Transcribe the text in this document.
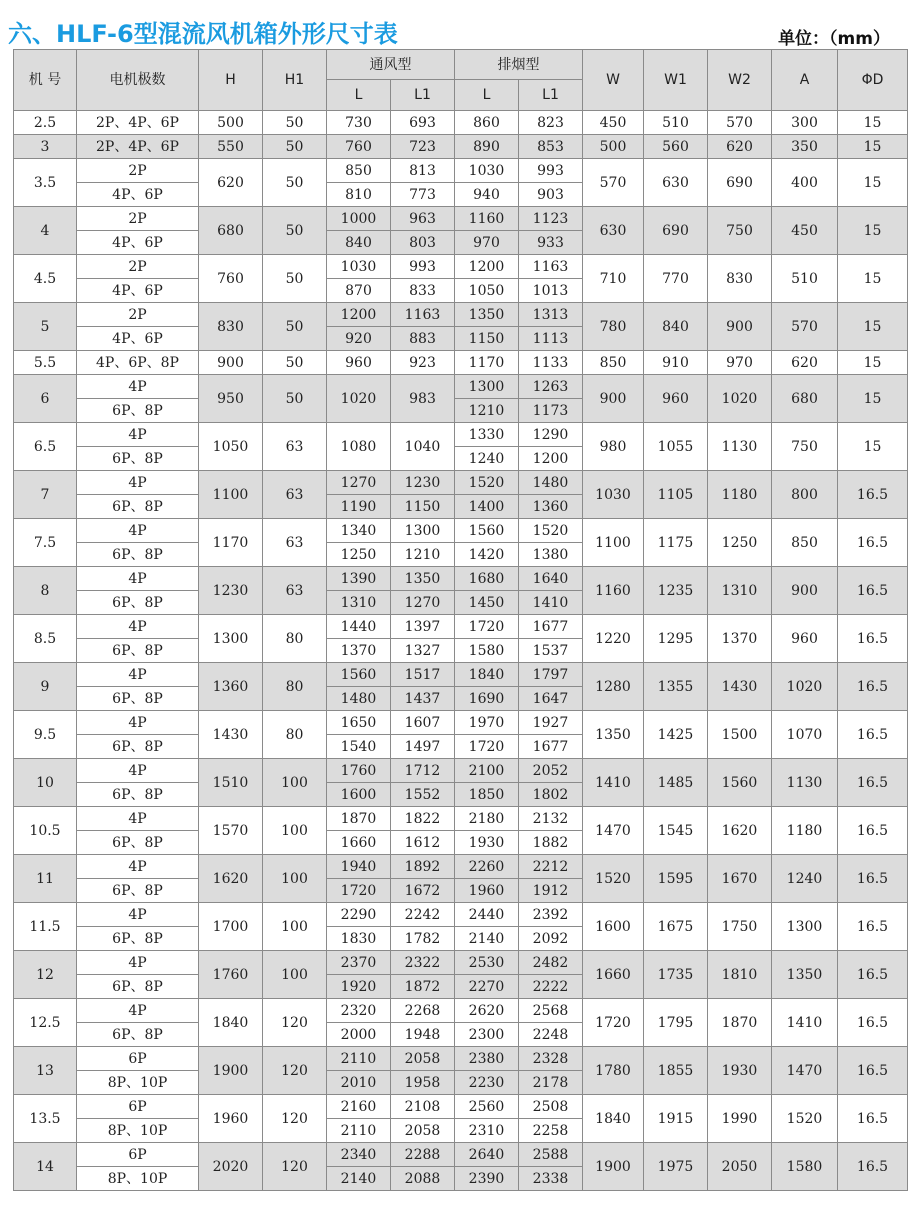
六、HLF-6型混流风机箱外形尺寸表	单位：（mm）
机 号	电机极数	H	H1	通风型		排烟型		W	W1	W2	A	ΦD
				L	L1	L	L1					
2.5	2P、4P、6P	500	50	730	693	860	823	450	510	570	300	15
3	2P、4P、6P	550	50	760	723	890	853	500	560	620	350	15
3.5	2P	620	50	850	813	1030	993	570	630	690	400	15
	4P、6P			810	773	940	903					
4	2P	680	50	1000	963	1160	1123	630	690	750	450	15
	4P、6P			840	803	970	933					
4.5	2P	760	50	1030	993	1200	1163	710	770	830	510	15
	4P、6P			870	833	1050	1013					
5	2P	830	50	1200	1163	1350	1313	780	840	900	570	15
	4P、6P			920	883	1150	1113					
5.5	4P、6P、8P	900	50	960	923	1170	1133	850	910	970	620	15
6	4P	950	50	1020	983	1300	1263	900	960	1020	680	15
	6P、8P					1210	1173					
6.5	4P	1050	63	1080	1040	1330	1290	980	1055	1130	750	15
	6P、8P					1240	1200					
7	4P	1100	63	1270	1230	1520	1480	1030	1105	1180	800	16.5
	6P、8P			1190	1150	1400	1360					
7.5	4P	1170	63	1340	1300	1560	1520	1100	1175	1250	850	16.5
	6P、8P			1250	1210	1420	1380					
8	4P	1230	63	1390	1350	1680	1640	1160	1235	1310	900	16.5
	6P、8P			1310	1270	1450	1410					
8.5	4P	1300	80	1440	1397	1720	1677	1220	1295	1370	960	16.5
	6P、8P			1370	1327	1580	1537					
9	4P	1360	80	1560	1517	1840	1797	1280	1355	1430	1020	16.5
	6P、8P			1480	1437	1690	1647					
9.5	4P	1430	80	1650	1607	1970	1927	1350	1425	1500	1070	16.5
	6P、8P			1540	1497	1720	1677					
10	4P	1510	100	1760	1712	2100	2052	1410	1485	1560	1130	16.5
	6P、8P			1600	1552	1850	1802					
10.5	4P	1570	100	1870	1822	2180	2132	1470	1545	1620	1180	16.5
	6P、8P			1660	1612	1930	1882					
11	4P	1620	100	1940	1892	2260	2212	1520	1595	1670	1240	16.5
	6P、8P			1720	1672	1960	1912					
11.5	4P	1700	100	2290	2242	2440	2392	1600	1675	1750	1300	16.5
	6P、8P			1830	1782	2140	2092					
12	4P	1760	100	2370	2322	2530	2482	1660	1735	1810	1350	16.5
	6P、8P			1920	1872	2270	2222					
12.5	4P	1840	120	2320	2268	2620	2568	1720	1795	1870	1410	16.5
	6P、8P			2000	1948	2300	2248					
13	6P	1900	120	2110	2058	2380	2328	1780	1855	1930	1470	16.5
	8P、10P			2010	1958	2230	2178					
13.5	6P	1960	120	2160	2108	2560	2508	1840	1915	1990	1520	16.5
	8P、10P			2110	2058	2310	2258					
14	6P	2020	120	2340	2288	2640	2588	1900	1975	2050	1580	16.5
	8P、10P			2140	2088	2390	2338					
